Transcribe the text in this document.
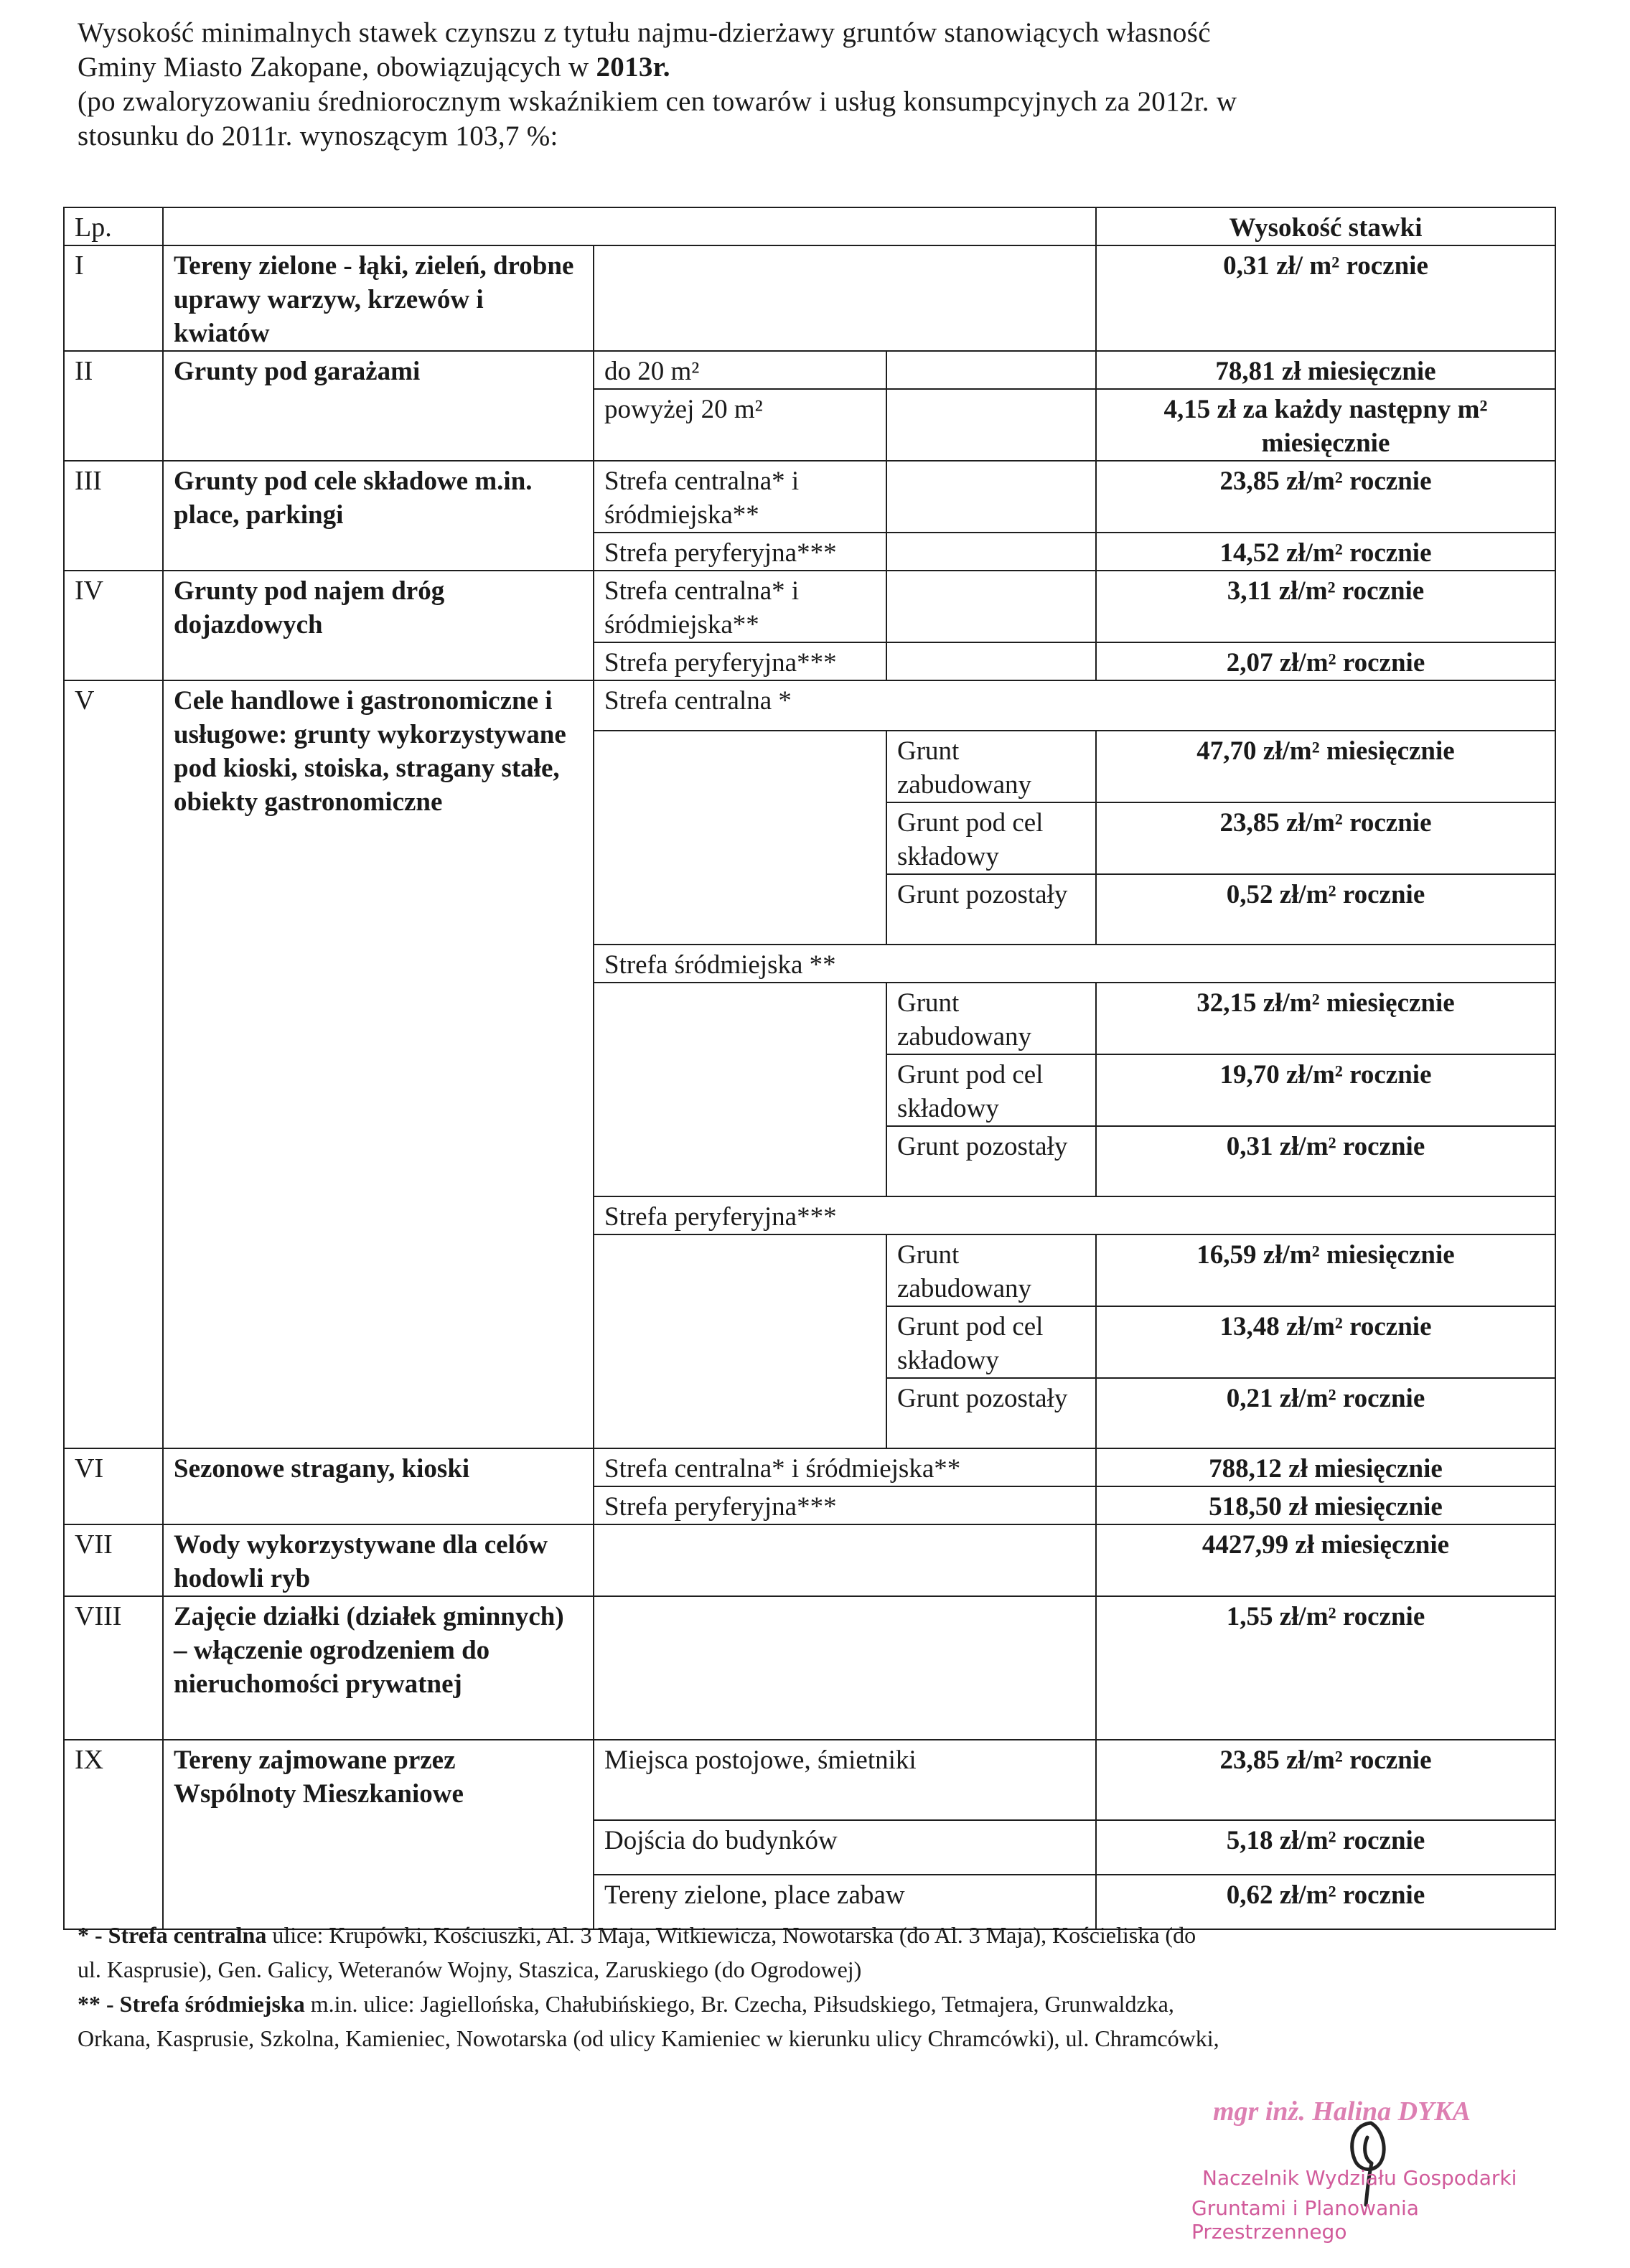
Wysokość minimalnych stawek czynszu z tytułu najmu-dzierżawy gruntów stanowiących własność

Gminy Miasto Zakopane, obowiązujących w 2013r.

(po zwaloryzowaniu średniorocznym wskaźnikiem cen towarów i usług konsumpcyjnych za 2012r. w

stosunku do 2011r. wynoszącym 103,7 %:

Lp.				Wysokość stawki
I	Tereny zielone - łąki, zieleń, drobne uprawy warzyw, krzewów i kwiatów			0,31 zł/ m² rocznie
II	Grunty pod garażami	do 20 m²		78,81 zł miesięcznie
		powyżej 20 m²		4,15 zł za każdy następny m² miesięcznie
III	Grunty pod cele składowe m.in. place, parkingi	Strefa centralna* i śródmiejska**		23,85 zł/m² rocznie
		Strefa peryferyjna***		14,52 zł/m² rocznie
IV	Grunty pod najem dróg dojazdowych	Strefa centralna* i śródmiejska**		3,11 zł/m² rocznie
		Strefa peryferyjna***		2,07 zł/m² rocznie
V	Cele handlowe i gastronomiczne i usługowe: grunty wykorzystywane pod kioski, stoiska, stragany stałe, obiekty gastronomiczne	Strefa centralna *		
			Grunt zabudowany	47,70 zł/m² miesięcznie
			Grunt pod cel składowy	23,85 zł/m² rocznie
			Grunt pozostały	0,52 zł/m² rocznie
		Strefa śródmiejska **		
			Grunt zabudowany	32,15 zł/m² miesięcznie
			Grunt pod cel składowy	19,70 zł/m² rocznie
			Grunt pozostały	0,31 zł/m² rocznie
		Strefa peryferyjna***		
			Grunt zabudowany	16,59 zł/m² miesięcznie
			Grunt pod cel składowy	13,48 zł/m² rocznie
			Grunt pozostały	0,21 zł/m² rocznie
VI	Sezonowe stragany, kioski	Strefa centralna* i śródmiejska**		788,12 zł miesięcznie
		Strefa peryferyjna***		518,50 zł miesięcznie
VII	Wody wykorzystywane dla celów hodowli ryb			4427,99 zł miesięcznie
VIII	Zajęcie działki (działek gminnych) – włączenie ogrodzeniem do nieruchomości prywatnej			1,55 zł/m² rocznie
IX	Tereny zajmowane przez Wspólnoty Mieszkaniowe	Miejsca postojowe, śmietniki		23,85 zł/m² rocznie
		Dojścia do budynków		5,18 zł/m² rocznie
		Tereny zielone, place zabaw		0,62 zł/m² rocznie

* - Strefa centralna ulice: Krupówki, Kościuszki, Al. 3 Maja, Witkiewicza, Nowotarska (do Al. 3 Maja), Kościeliska (do

ul. Kasprusie), Gen. Galicy, Weteranów Wojny, Staszica, Zaruskiego (do Ogrodowej)

** - Strefa śródmiejska m.in. ulice: Jagiellońska, Chałubińskiego, Br. Czecha, Piłsudskiego, Tetmajera, Grunwaldzka,

Orkana, Kasprusie, Szkolna, Kamieniec, Nowotarska (od ulicy Kamieniec w kierunku ulicy Chramcówki), ul. Chramcówki,

mgr inż. Halina DYKA
Naczelnik Wydziału Gospodarki
Gruntami i Planowania Przestrzennego
